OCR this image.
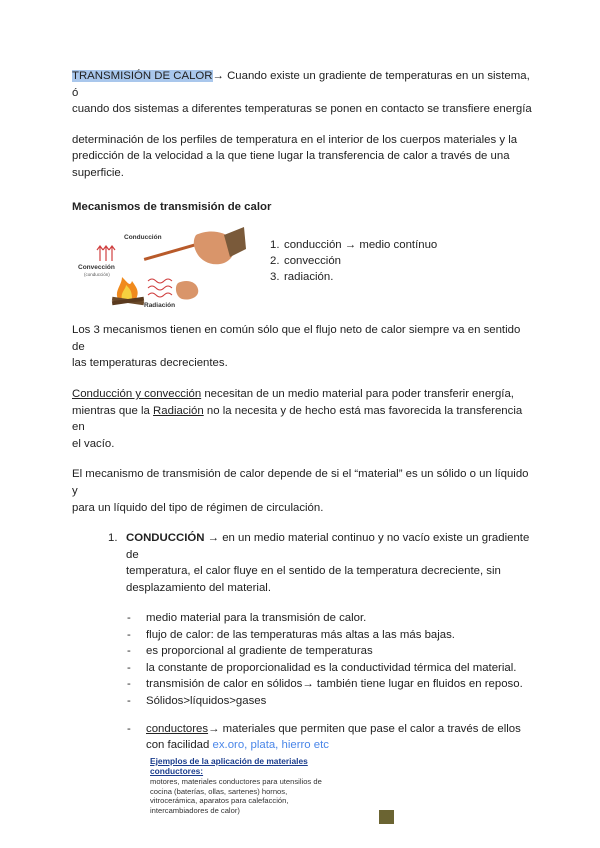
TRANSMISIÓN DE CALOR→ Cuando existe un gradiente de temperaturas en un sistema, ó
cuando dos sistemas a diferentes temperaturas se ponen en contacto se transfiere energía

determinación de los perfiles de temperatura en el interior de los cuerpos materiales y la
predicción de la velocidad a la que tiene lugar la transferencia de calor a través de una
superficie.

Mecanismos de transmisión de calor

Conducción
Convección
(conducción)
Radiación
1. conducción → medio contínuo
2. convección
3. radiación.

Los 3 mecanismos tienen en común sólo que el flujo neto de calor siempre va en sentido de
las temperaturas decrecientes.

Conducción y convección necesitan de un medio material para poder transferir energía,
mientras que la Radiación no la necesita y de hecho está mas favorecida la transferencia en
el vacío.

El mecanismo de transmisión de calor depende de si el “material” es un sólido o un líquido y
para un líquido del tipo de régimen de circulación.

1. CONDUCCIÓN → en un medio material continuo y no vacío existe un gradiente de
temperatura, el calor fluye en el sentido de la temperatura decreciente, sin
desplazamiento del material.

- medio material para la transmisión de calor.
- flujo de calor: de las temperaturas más altas a las más bajas.
- es proporcional al gradiente de temperaturas
- la constante de proporcionalidad es la conductividad térmica del material.
- transmisión de calor en sólidos→ también tiene lugar en fluidos en reposo.
- Sólidos>líquidos>gases
- conductores→ materiales que permiten que pase el calor a través de ellos
con facilidad ex.oro, plata, hierro etc
Ejemplos de la aplicación de materiales
conductores:
motores, materiales conductores para utensilios de
cocina (baterías, ollas, sartenes) hornos,
vitrocerámica, aparatos para calefacción,
intercambiadores de calor)
